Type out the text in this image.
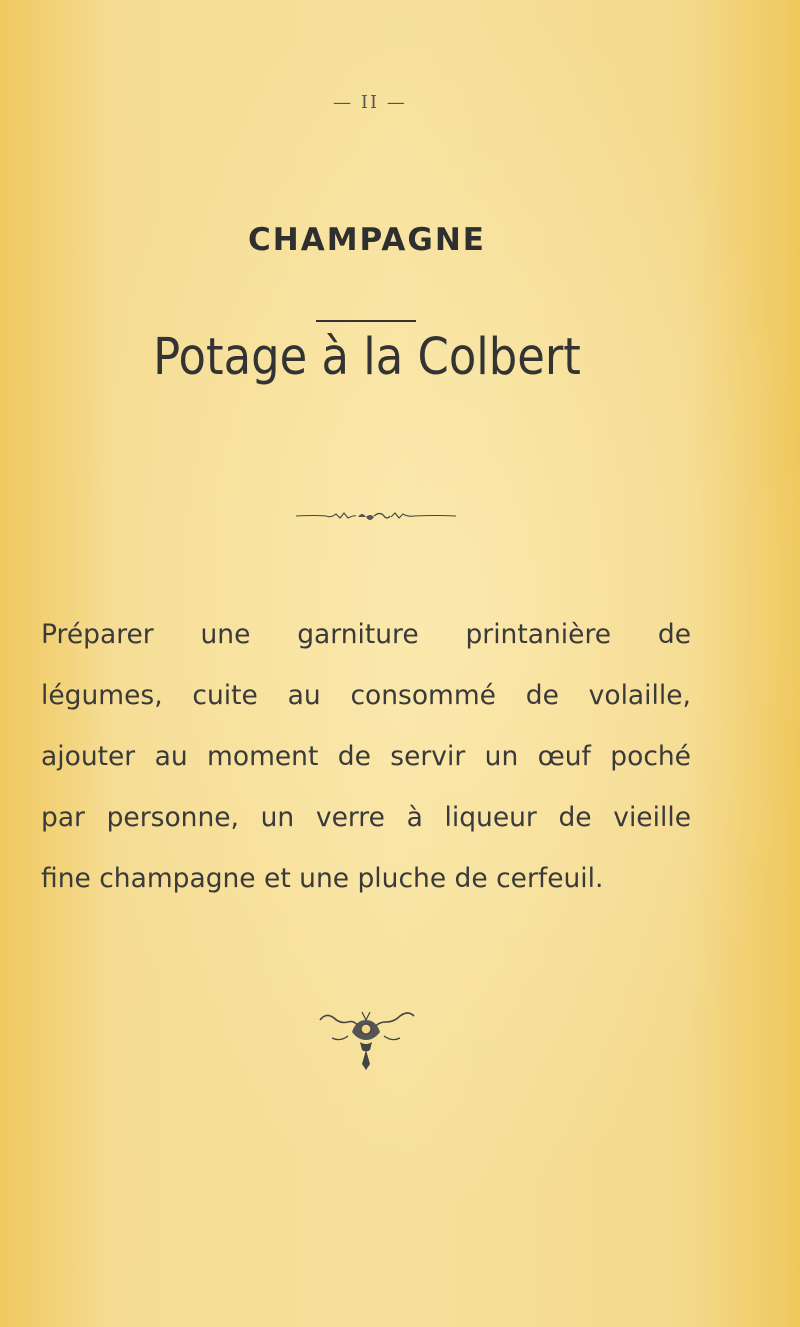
— II —
CHAMPAGNE
Potage à la Colbert
Préparer une garniture printanière de
légumes, cuite au consommé de volaille,
ajouter au moment de servir un œuf poché
par personne, un verre à liqueur de vieille
fine champagne et une pluche de cerfeuil.
